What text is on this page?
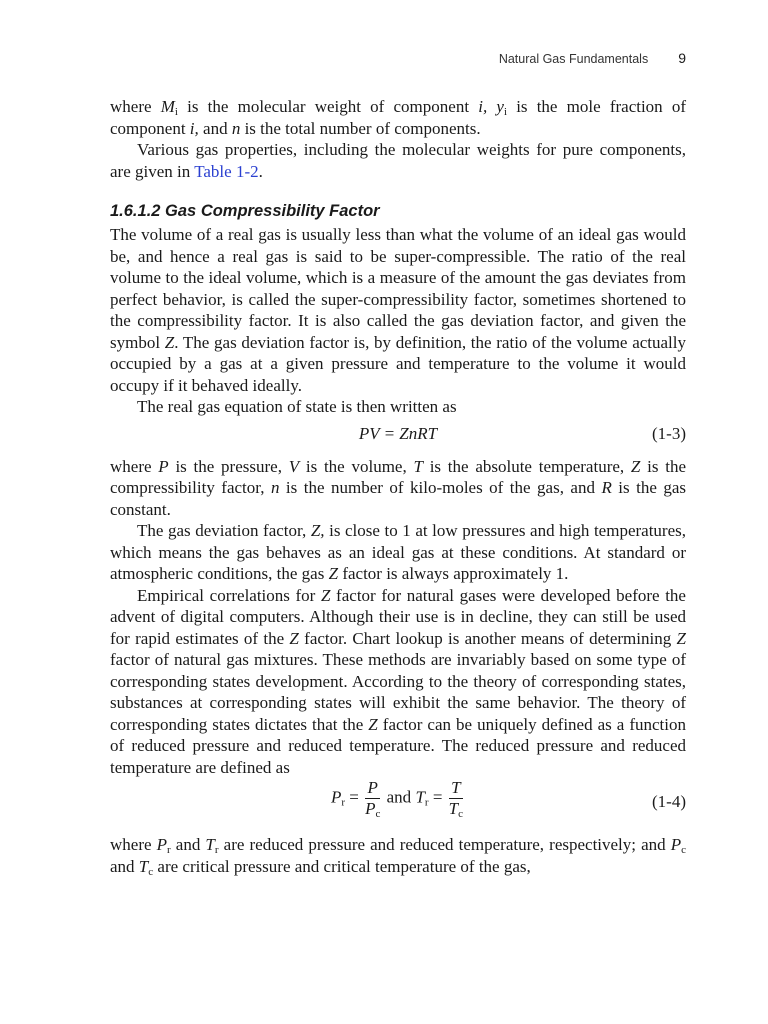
Natural Gas Fundamentals 9

where $M_i$ is the molecular weight of component i, $y_i$ is the mole fraction of component i, and n is the total number of components.

Various gas properties, including the molecular weights for pure components, are given in Table 1-2.

1.6.1.2 Gas Compressibility Factor

The volume of a real gas is usually less than what the volume of an ideal gas would be, and hence a real gas is said to be super-compressible. The ratio of the real volume to the ideal volume, which is a measure of the amount the gas deviates from perfect behavior, is called the super-compressibility factor, sometimes shortened to the compressibility factor. It is also called the gas deviation factor, and given the symbol Z. The gas deviation factor is, by definition, the ratio of the volume actually occupied by a gas at a given pressure and temperature to the volume it would occupy if it behaved ideally.

The real gas equation of state is then written as

PV = ZnRT	(1-3)

where P is the pressure, V is the volume, T is the absolute temperature, Z is the compressibility factor, n is the number of kilo-moles of the gas, and R is the gas constant.

The gas deviation factor, Z, is close to 1 at low pressures and high temperatures, which means the gas behaves as an ideal gas at these conditions. At standard or atmospheric conditions, the gas Z factor is always approximately 1.

Empirical correlations for Z factor for natural gases were developed before the advent of digital computers. Although their use is in decline, they can still be used for rapid estimates of the Z factor. Chart lookup is another means of determining Z factor of natural gas mixtures. These methods are invariably based on some type of corresponding states development. According to the theory of corresponding states, substances at corresponding states will exhibit the same behavior. The theory of corresponding states dictates that the Z factor can be uniquely defined as a function of reduced pressure and reduced temperature. The reduced pressure and reduced temperature are defined as

$P_r = \frac{P}{P_c}$ and $T_r = \frac{T}{T_c}$	(1-4)

where $P_r$ and $T_r$ are reduced pressure and reduced temperature, respectively; and $P_c$ and $T_c$ are critical pressure and critical temperature of the gas,
